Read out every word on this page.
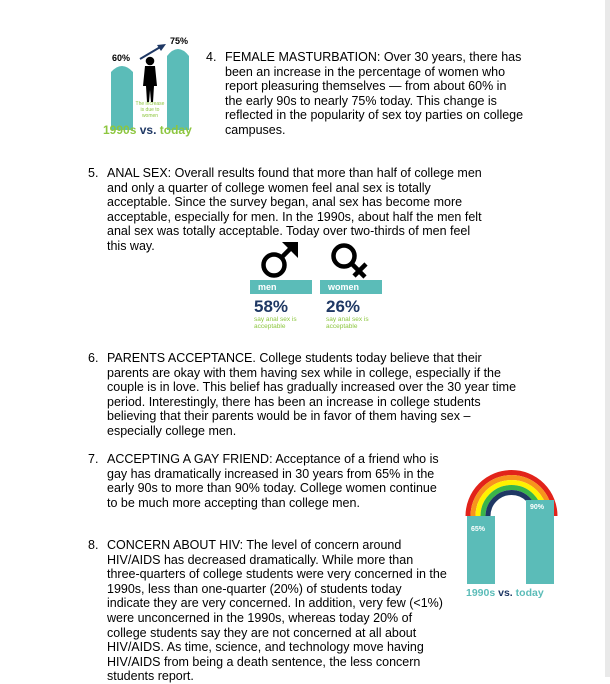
60%
75%
The increase is due to women
1990s vs. today
4. FEMALE MASTURBATION: Over 30 years, there has been an increase in the percentage of women who report pleasuring themselves — from about 60% in the early 90s to nearly 75% today. This change is reflected in the popularity of sex toy parties on college campuses.
5. ANAL SEX: Overall results found that more than half of college men and only a quarter of college women feel anal sex is totally acceptable. Since the survey began, anal sex has become more acceptable, especially for men. In the 1990s, about half the men felt anal sex was totally acceptable. Today over two-thirds of men feel this way.
men	women
58% 26%
say anal sex is acceptable
say anal sex is acceptable
6. PARENTS ACCEPTANCE. College students today believe that their parents are okay with them having sex while in college, especially if the couple is in love. This belief has gradually increased over the 30 year time period. Interestingly, there has been an increase in college students believing that their parents would be in favor of them having sex – especially college men.
7. ACCEPTING A GAY FRIEND: Acceptance of a friend who is gay has dramatically increased in 30 years from 65% in the early 90s to more than 90% today. College women continue to be much more accepting than college men.
65%
90%
1990s vs. today
8. CONCERN ABOUT HIV: The level of concern around HIV/AIDS has decreased dramatically. While more than three-quarters of college students were very concerned in the 1990s, less than one-quarter (20%) of students today indicate they are very concerned. In addition, very few (<1%) were unconcerned in the 1990s, whereas today 20% of college students say they are not concerned at all about HIV/AIDS. As time, science, and technology move having HIV/AIDS from being a death sentence, the less concern students report.
